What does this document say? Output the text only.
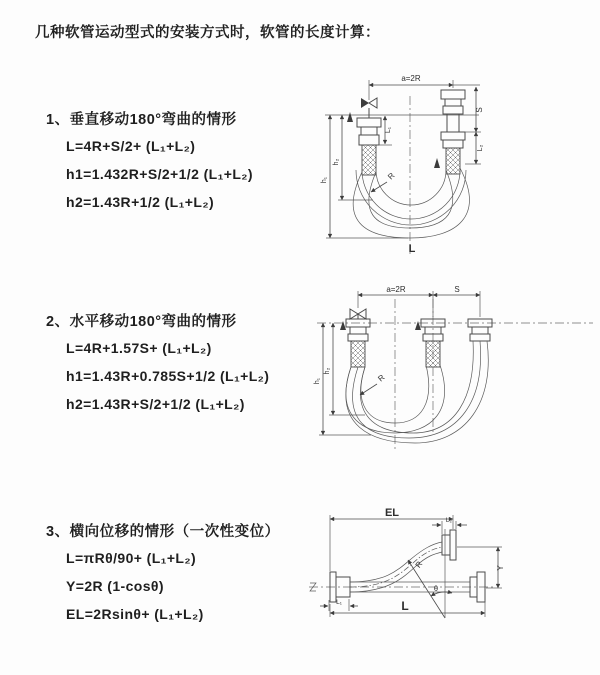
几种软管运动型式的安装方式时，软管的长度计算：
1、垂直移动180°弯曲的情形
L=4R+S/2+ (L₁+L₂)
h1=1.432R+S/2+1/2 (L₁+L₂)
h2=1.43R+1/2 (L₁+L₂)
2、水平移动180°弯曲的情形
L=4R+1.57S+ (L₁+L₂)
h1=1.43R+0.785S+1/2 (L₁+L₂)
h2=1.43R+S/2+1/2 (L₁+L₂)
3、横向位移的情形（一次性变位）
L=πRθ/90+ (L₁+L₂)
Y=2R (1-cosθ)
EL=2Rsinθ+ (L₁+L₂)
a=2R
L₁
S
L₂
R
h₁
h₂
L
a=2R	S
R
h₁
h₂
EL
L₂
Y
R
θ
L
L₁
